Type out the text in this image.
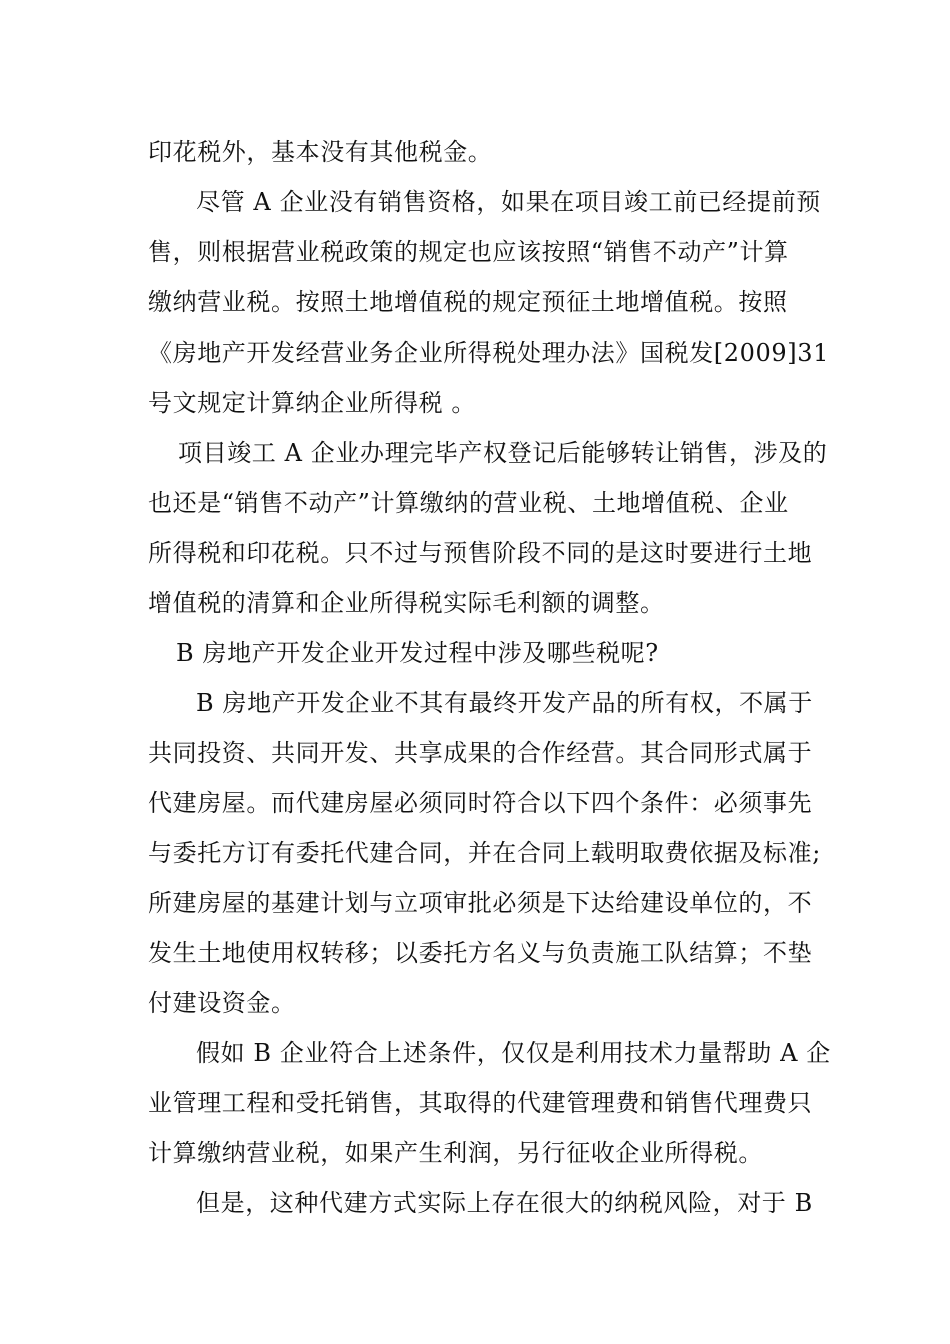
印花税外，基本没有其他税金。
尽管 A 企业没有销售资格，如果在项目竣工前已经提前预
售，则根据营业税政策的规定也应该按照“销售不动产”计算
缴纳营业税。按照土地增值税的规定预征土地增值税。按照
《房地产开发经营业务企业所得税处理办法》国税发[2009]31
号文规定计算纳企业所得税 。
项目竣工 A 企业办理完毕产权登记后能够转让销售，涉及的
也还是“销售不动产”计算缴纳的营业税、土地增值税、企业
所得税和印花税。只不过与预售阶段不同的是这时要进行土地
增值税的清算和企业所得税实际毛利额的调整。
B 房地产开发企业开发过程中涉及哪些税呢?
B 房地产开发企业不其有最终开发产品的所有权，不属于
共同投资、共同开发、共享成果的合作经营。其合同形式属于
代建房屋。而代建房屋必须同时符合以下四个条件：必须事先
与委托方订有委托代建合同，并在合同上载明取费依据及标准;
所建房屋的基建计划与立项审批必须是下达给建设单位的，不
发生土地使用权转移；以委托方名义与负责施工队结算；不垫
付建设资金。
假如 B 企业符合上述条件，仅仅是利用技术力量帮助 A 企
业管理工程和受托销售，其取得的代建管理费和销售代理费只
计算缴纳营业税，如果产生利润，另行征收企业所得税。
但是，这种代建方式实际上存在很大的纳税风险，对于 B
